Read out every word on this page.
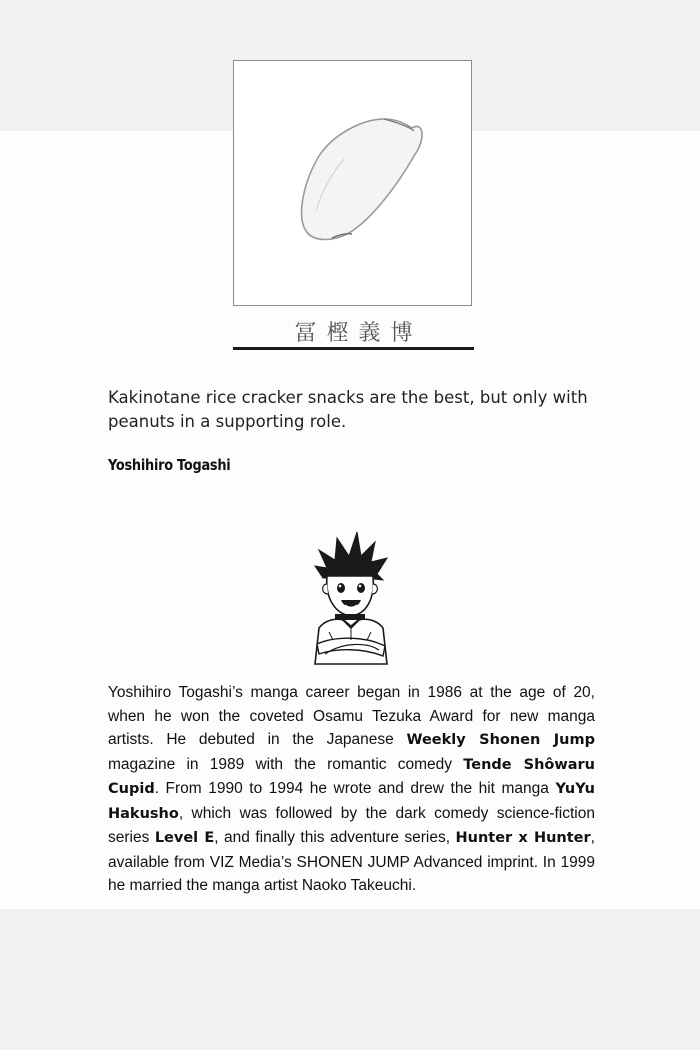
冨樫義博
Kakinotane rice cracker snacks are the best, but only with peanuts in a supporting role.
Yoshihiro Togashi
Yoshihiro Togashi’s manga career began in 1986 at the age of 20, when he won the coveted Osamu Tezuka Award for new manga artists. He debuted in the Japanese Weekly Shonen Jump magazine in 1989 with the romantic comedy Tende Shôwaru Cupid. From 1990 to 1994 he wrote and drew the hit manga YuYu Hakusho, which was followed by the dark comedy science-fiction series Level E, and finally this adventure series, Hunter x Hunter, available from VIZ Media’s SHONEN JUMP Advanced imprint. In 1999 he married the manga artist Naoko Takeuchi.
